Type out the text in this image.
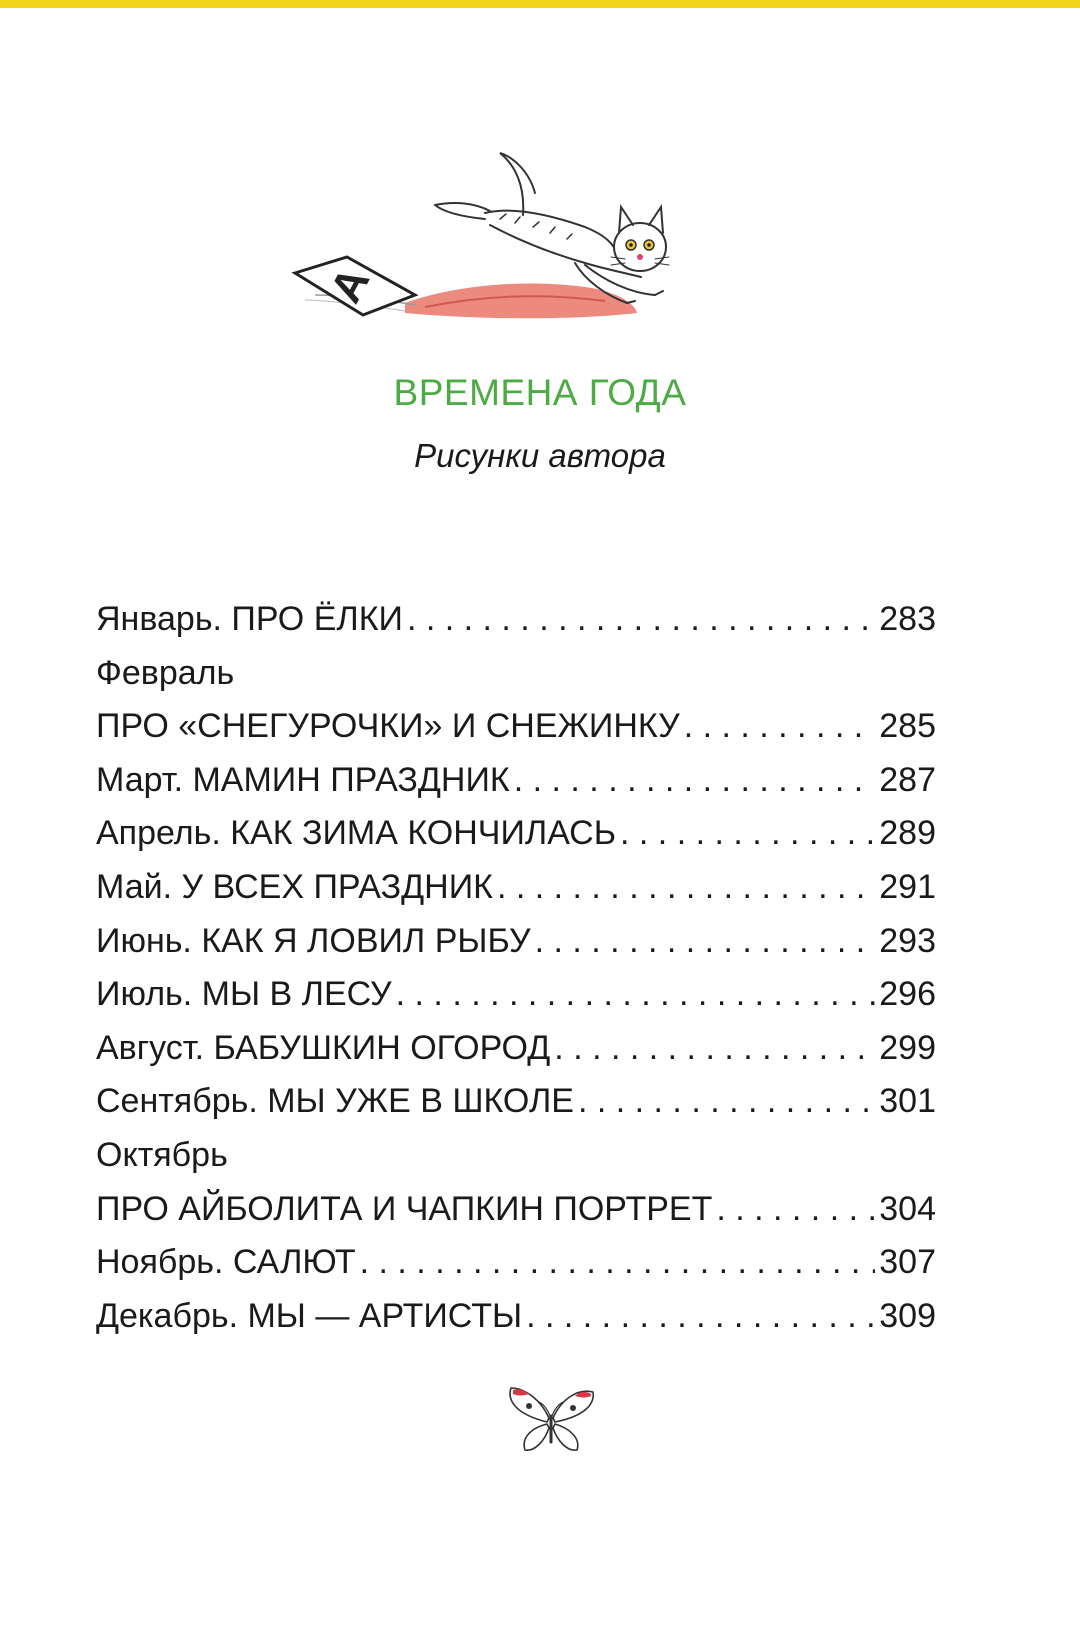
А
ВРЕМЕНА ГОДА
Рисунки автора
Январь. ПРО ЁЛКИ . . .	283
Февраль
ПРО «СНЕГУРОЧКИ» И СНЕЖИНКУ . . .	285
Март. МАМИН ПРАЗДНИК . . .	287
Апрель. КАК ЗИМА КОНЧИЛАСЬ . . .	289
Май. У ВСЕХ ПРАЗДНИК . . .	291
Июнь. КАК Я ЛОВИЛ РЫБУ . . .	293
Июль. МЫ В ЛЕСУ . . .	296
Август. БАБУШКИН ОГОРОД . . .	299
Сентябрь. МЫ УЖЕ В ШКОЛЕ . . .	301
Октябрь
ПРО АЙБОЛИТА И ЧАПКИН ПОРТРЕТ . . .	304
Ноябрь. САЛЮТ . . .	307
Декабрь. МЫ — АРТИСТЫ . . .	309
